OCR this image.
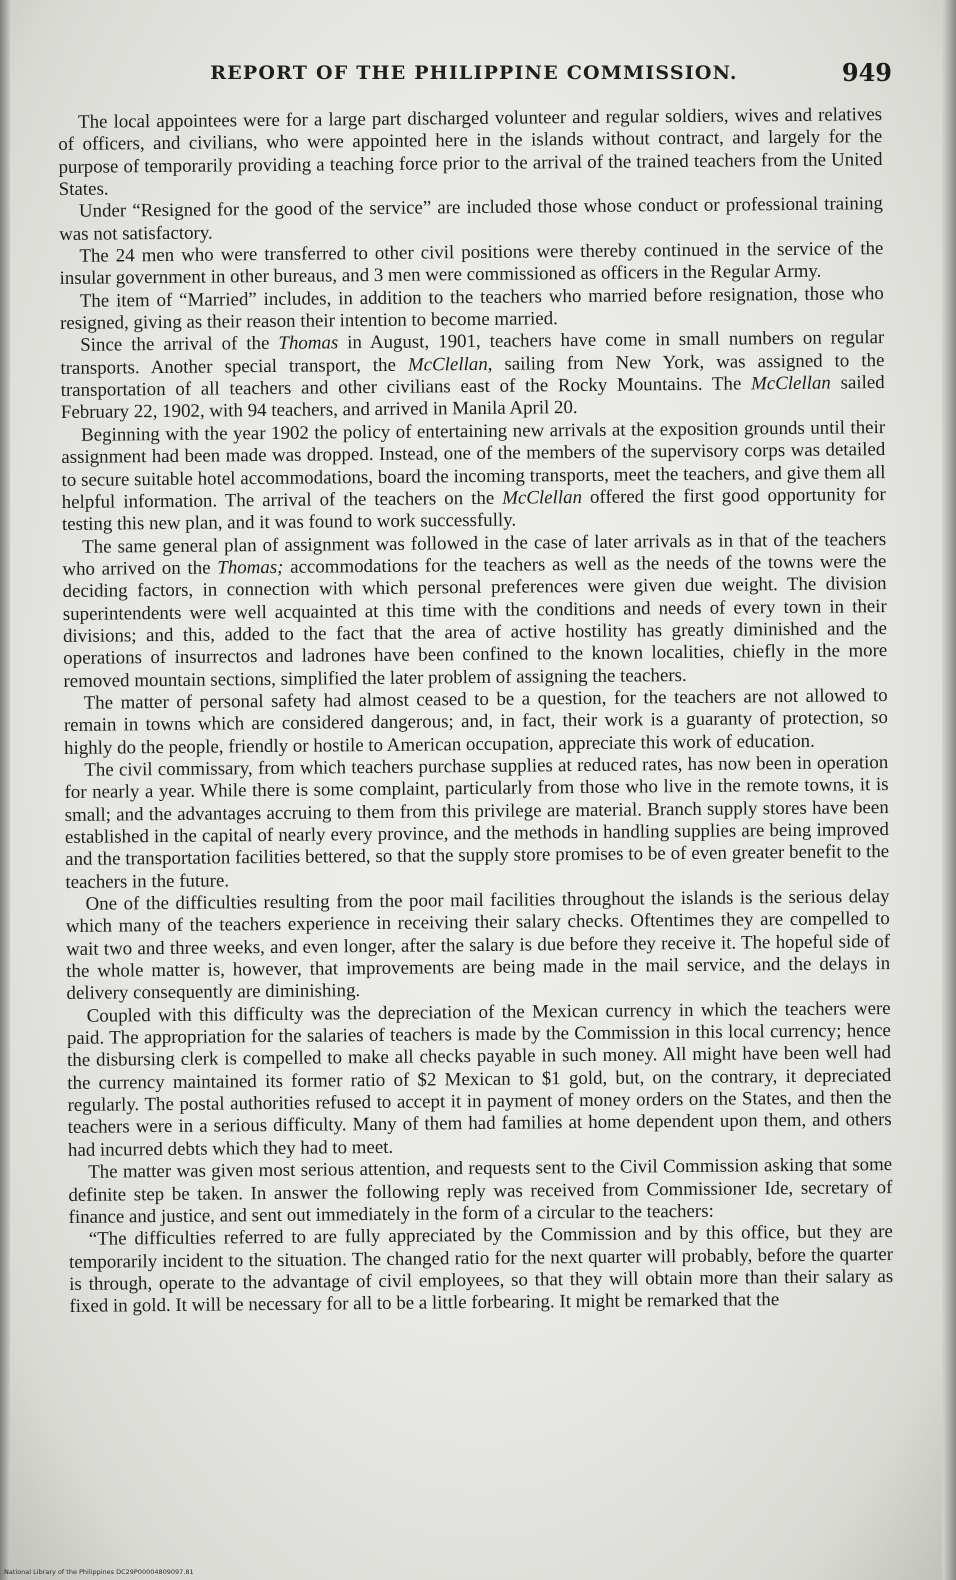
REPORT OF THE PHILIPPINE COMMISSION.	949

The local appointees were for a large part discharged volunteer and regular soldiers, wives and relatives of officers, and civilians, who were appointed here in the islands without contract, and largely for the purpose of temporarily providing a teaching force prior to the arrival of the trained teachers from the United States.

Under “Resigned for the good of the service” are included those whose conduct or professional training was not satisfactory.

The 24 men who were transferred to other civil positions were thereby continued in the service of the insular government in other bureaus, and 3 men were commissioned as officers in the Regular Army.

The item of “Married” includes, in addition to the teachers who married before resignation, those who resigned, giving as their reason their intention to become married.

Since the arrival of the Thomas in August, 1901, teachers have come in small numbers on regular transports. Another special transport, the McClellan, sailing from New York, was assigned to the transportation of all teachers and other civilians east of the Rocky Mountains. The McClellan sailed February 22, 1902, with 94 teachers, and arrived in Manila April 20.

Beginning with the year 1902 the policy of entertaining new arrivals at the exposition grounds until their assignment had been made was dropped. Instead, one of the members of the supervisory corps was detailed to secure suitable hotel accommodations, board the incoming transports, meet the teachers, and give them all helpful information. The arrival of the teachers on the McClellan offered the first good opportunity for testing this new plan, and it was found to work successfully.

The same general plan of assignment was followed in the case of later arrivals as in that of the teachers who arrived on the Thomas; accommodations for the teachers as well as the needs of the towns were the deciding factors, in connection with which personal preferences were given due weight. The division superintendents were well acquainted at this time with the conditions and needs of every town in their divisions; and this, added to the fact that the area of active hostility has greatly diminished and the operations of insurrectos and ladrones have been confined to the known localities, chiefly in the more removed mountain sections, simplified the later problem of assigning the teachers.

The matter of personal safety had almost ceased to be a question, for the teachers are not allowed to remain in towns which are considered dangerous; and, in fact, their work is a guaranty of protection, so highly do the people, friendly or hostile to American occupation, appreciate this work of education.

The civil commissary, from which teachers purchase supplies at reduced rates, has now been in operation for nearly a year. While there is some complaint, particularly from those who live in the remote towns, it is small; and the advantages accruing to them from this privilege are material. Branch supply stores have been established in the capital of nearly every province, and the methods in handling supplies are being improved and the transportation facilities bettered, so that the supply store promises to be of even greater benefit to the teachers in the future.

One of the difficulties resulting from the poor mail facilities throughout the islands is the serious delay which many of the teachers experience in receiving their salary checks. Oftentimes they are compelled to wait two and three weeks, and even longer, after the salary is due before they receive it. The hopeful side of the whole matter is, however, that improvements are being made in the mail service, and the delays in delivery consequently are diminishing.

Coupled with this difficulty was the depreciation of the Mexican currency in which the teachers were paid. The appropriation for the salaries of teachers is made by the Commission in this local currency; hence the disbursing clerk is compelled to make all checks payable in such money. All might have been well had the currency maintained its former ratio of $2 Mexican to $1 gold, but, on the contrary, it depreciated regularly. The postal authorities refused to accept it in payment of money orders on the States, and then the teachers were in a serious difficulty. Many of them had families at home dependent upon them, and others had incurred debts which they had to meet.

The matter was given most serious attention, and requests sent to the Civil Commission asking that some definite step be taken. In answer the following reply was received from Commissioner Ide, secretary of finance and justice, and sent out immediately in the form of a circular to the teachers:

“The difficulties referred to are fully appreciated by the Commission and by this office, but they are temporarily incident to the situation. The changed ratio for the next quarter will probably, before the quarter is through, operate to the advantage of civil employees, so that they will obtain more than their salary as fixed in gold. It will be necessary for all to be a little forbearing. It might be remarked that the

National Library of the Philippines DC29P00004809097.81
